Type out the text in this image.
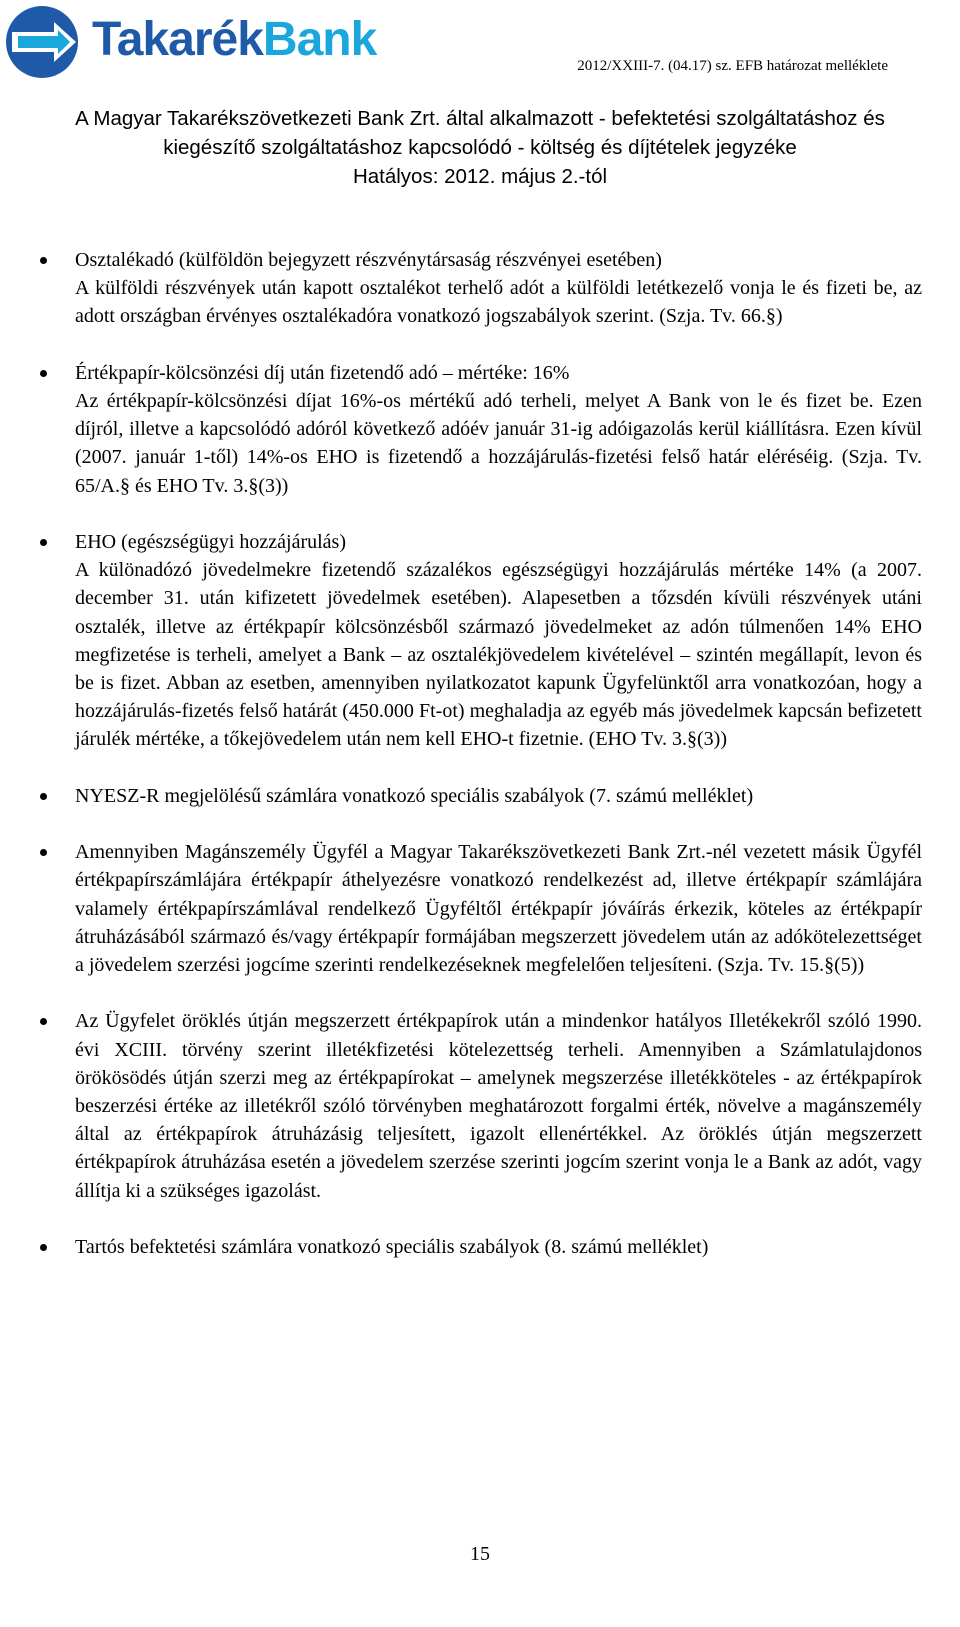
TakarékBank	2012/XXIII-7. (04.17) sz. EFB határozat melléklete
A Magyar Takarékszövetkezeti Bank Zrt. által alkalmazott - befektetési szolgáltatáshoz és
kiegészítő szolgáltatáshoz kapcsolódó - költség és díjtételek jegyzéke
Hatályos: 2012. május 2.-tól

Osztalékadó (külföldön bejegyzett részvénytársaság részvényei esetében)

A külföldi részvények után kapott osztalékot terhelő adót a külföldi letétkezelő vonja le és fizeti be, az adott országban érvényes osztalékadóra vonatkozó jogszabályok szerint. (Szja. Tv. 66.§)

Értékpapír-kölcsönzési díj után fizetendő adó – mértéke: 16%

Az értékpapír-kölcsönzési díjat 16%-os mértékű adó terheli, melyet A Bank von le és fizet be. Ezen díjról, illetve a kapcsolódó adóról következő adóév január 31-ig adóigazolás kerül kiállításra. Ezen kívül (2007. január 1-től) 14%-os EHO is fizetendő a hozzájárulás-fizetési felső határ eléréséig. (Szja. Tv. 65/A.§ és EHO Tv. 3.§(3))

EHO (egészségügyi hozzájárulás)

A különadózó jövedelmekre fizetendő százalékos egészségügyi hozzájárulás mértéke 14% (a 2007. december 31. után kifizetett jövedelmek esetében). Alapesetben a tőzsdén kívüli részvények utáni osztalék, illetve az értékpapír kölcsönzésből származó jövedelmeket az adón túlmenően 14% EHO megfizetése is terheli, amelyet a Bank – az osztalékjövedelem kivételével – szintén megállapít, levon és be is fizet. Abban az esetben, amennyiben nyilatkozatot kapunk Ügyfelünktől arra vonatkozóan, hogy a hozzájárulás-fizetés felső határát (450.000 Ft-ot) meghaladja az egyéb más jövedelmek kapcsán befizetett járulék mértéke, a tőkejövedelem után nem kell EHO-t fizetnie. (EHO Tv. 3.§(3))

NYESZ-R megjelölésű számlára vonatkozó speciális szabályok (7. számú melléklet)

Amennyiben Magánszemély Ügyfél a Magyar Takarékszövetkezeti Bank Zrt.-nél vezetett másik Ügyfél értékpapírszámlájára értékpapír áthelyezésre vonatkozó rendelkezést ad, illetve értékpapír számlájára valamely értékpapírszámlával rendelkező Ügyféltől értékpapír jóváírás érkezik, köteles az értékpapír átruházásából származó és/vagy értékpapír formájában megszerzett jövedelem után az adókötelezettséget a jövedelem szerzési jogcíme szerinti rendelkezéseknek megfelelően teljesíteni. (Szja. Tv. 15.§(5))

Az Ügyfelet öröklés útján megszerzett értékpapírok után a mindenkor hatályos Illetékekről szóló 1990. évi XCIII. törvény szerint illetékfizetési kötelezettség terheli. Amennyiben a Számlatulajdonos örökösödés útján szerzi meg az értékpapírokat – amelynek megszerzése illetékköteles - az értékpapírok beszerzési értéke az illetékről szóló törvényben meghatározott forgalmi érték, növelve a magánszemély által az értékpapírok átruházásig teljesített, igazolt ellenértékkel. Az öröklés útján megszerzett értékpapírok átruházása esetén a jövedelem szerzése szerinti jogcím szerint vonja le a Bank az adót, vagy állítja ki a szükséges igazolást.

Tartós befektetési számlára vonatkozó speciális szabályok (8. számú melléklet)

15
